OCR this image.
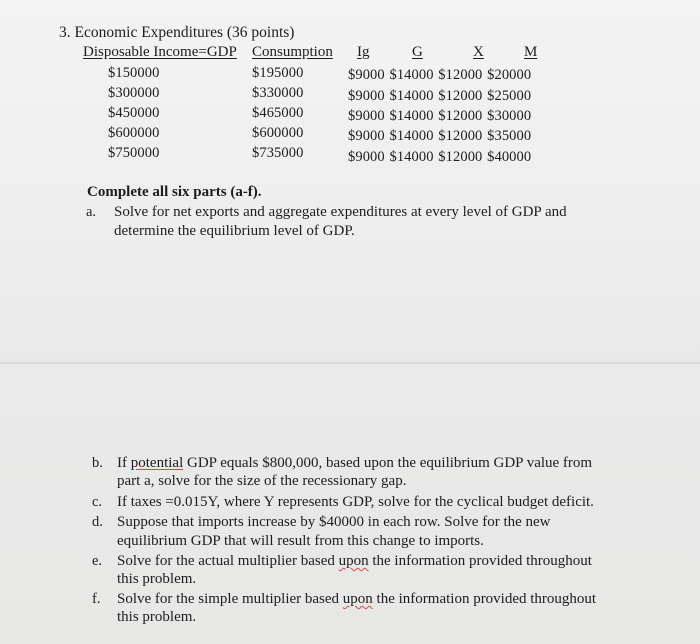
3. Economic Expenditures (36 points)
Disposable Income=GDP Consumption Ig	G	X	M
$150000	$195000	$9000 $14000 $12000 $20000
$300000	$330000	$9000 $14000 $12000 $25000
$450000	$465000	$9000 $14000 $12000 $30000
$600000	$600000	$9000 $14000 $12000 $35000
$750000	$735000	$9000 $14000 $12000 $40000
Complete all six parts (a-f).
a. Solve for net exports and aggregate expenditures at every level of GDP and
determine the equilibrium level of GDP.
b. If potential GDP equals $800,000, based upon the equilibrium GDP value from
part a, solve for the size of the recessionary gap.
c. If taxes =0.015Y, where Y represents GDP, solve for the cyclical budget deficit.
d. Suppose that imports increase by $40000 in each row. Solve for the new
equilibrium GDP that will result from this change to imports.
e. Solve for the actual multiplier based upon the information provided throughout
this problem.
f. Solve for the simple multiplier based upon the information provided throughout
this problem.
